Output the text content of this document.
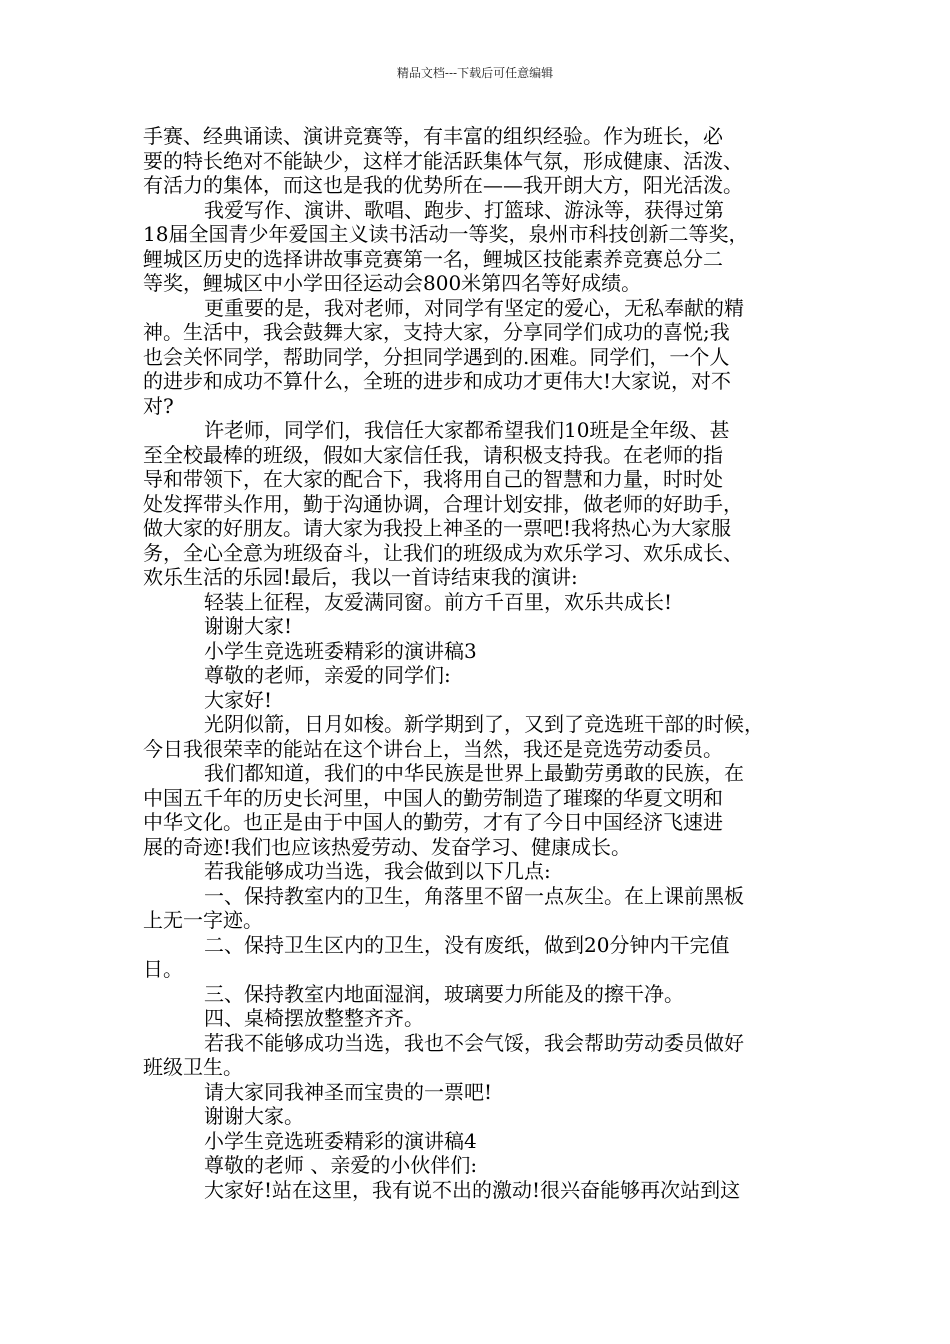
精品文档---下载后可任意编辑
手赛、经典诵读、演讲竞赛等，有丰富的组织经验。作为班长，必
要的特长绝对不能缺少，这样才能活跃集体气氛，形成健康、活泼、
有活力的集体，而这也是我的优势所在——我开朗大方，阳光活泼。
我爱写作、演讲、歌唱、跑步、打篮球、游泳等，获得过第
18届全国青少年爱国主义读书活动一等奖，泉州市科技创新二等奖，
鲤城区历史的选择讲故事竞赛第一名，鲤城区技能素养竞赛总分二
等奖，鲤城区中小学田径运动会800米第四名等好成绩。
更重要的是，我对老师，对同学有坚定的爱心，无私奉献的精
神。生活中，我会鼓舞大家，支持大家，分享同学们成功的喜悦;我
也会关怀同学，帮助同学，分担同学遇到的.困难。同学们，一个人
的进步和成功不算什么，全班的进步和成功才更伟大!大家说，对不
对?
许老师，同学们，我信任大家都希望我们10班是全年级、甚
至全校最棒的班级，假如大家信任我，请积极支持我。在老师的指
导和带领下，在大家的配合下，我将用自己的智慧和力量，时时处
处发挥带头作用，勤于沟通协调，合理计划安排，做老师的好助手，
做大家的好朋友。请大家为我投上神圣的一票吧!我将热心为大家服
务，全心全意为班级奋斗，让我们的班级成为欢乐学习、欢乐成长、
欢乐生活的乐园!最后，我以一首诗结束我的演讲:
轻装上征程，友爱满同窗。前方千百里，欢乐共成长!
谢谢大家!
小学生竞选班委精彩的演讲稿3
尊敬的老师，亲爱的同学们:
大家好!
光阴似箭，日月如梭。新学期到了，又到了竞选班干部的时候，
今日我很荣幸的能站在这个讲台上，当然，我还是竞选劳动委员。
我们都知道，我们的中华民族是世界上最勤劳勇敢的民族，在
中国五千年的历史长河里，中国人的勤劳制造了璀璨的华夏文明和
中华文化。也正是由于中国人的勤劳，才有了今日中国经济飞速进
展的奇迹!我们也应该热爱劳动、发奋学习、健康成长。
若我能够成功当选，我会做到以下几点:
一、保持教室内的卫生，角落里不留一点灰尘。在上课前黑板
上无一字迹。
二、保持卫生区内的卫生，没有废纸，做到20分钟内干完值
日。
三、保持教室内地面湿润，玻璃要力所能及的擦干净。
四、桌椅摆放整整齐齐。
若我不能够成功当选，我也不会气馁，我会帮助劳动委员做好
班级卫生。
请大家同我神圣而宝贵的一票吧!
谢谢大家。
小学生竞选班委精彩的演讲稿4
尊敬的老师 、亲爱的小伙伴们:
大家好!站在这里，我有说不出的激动!很兴奋能够再次站到这
